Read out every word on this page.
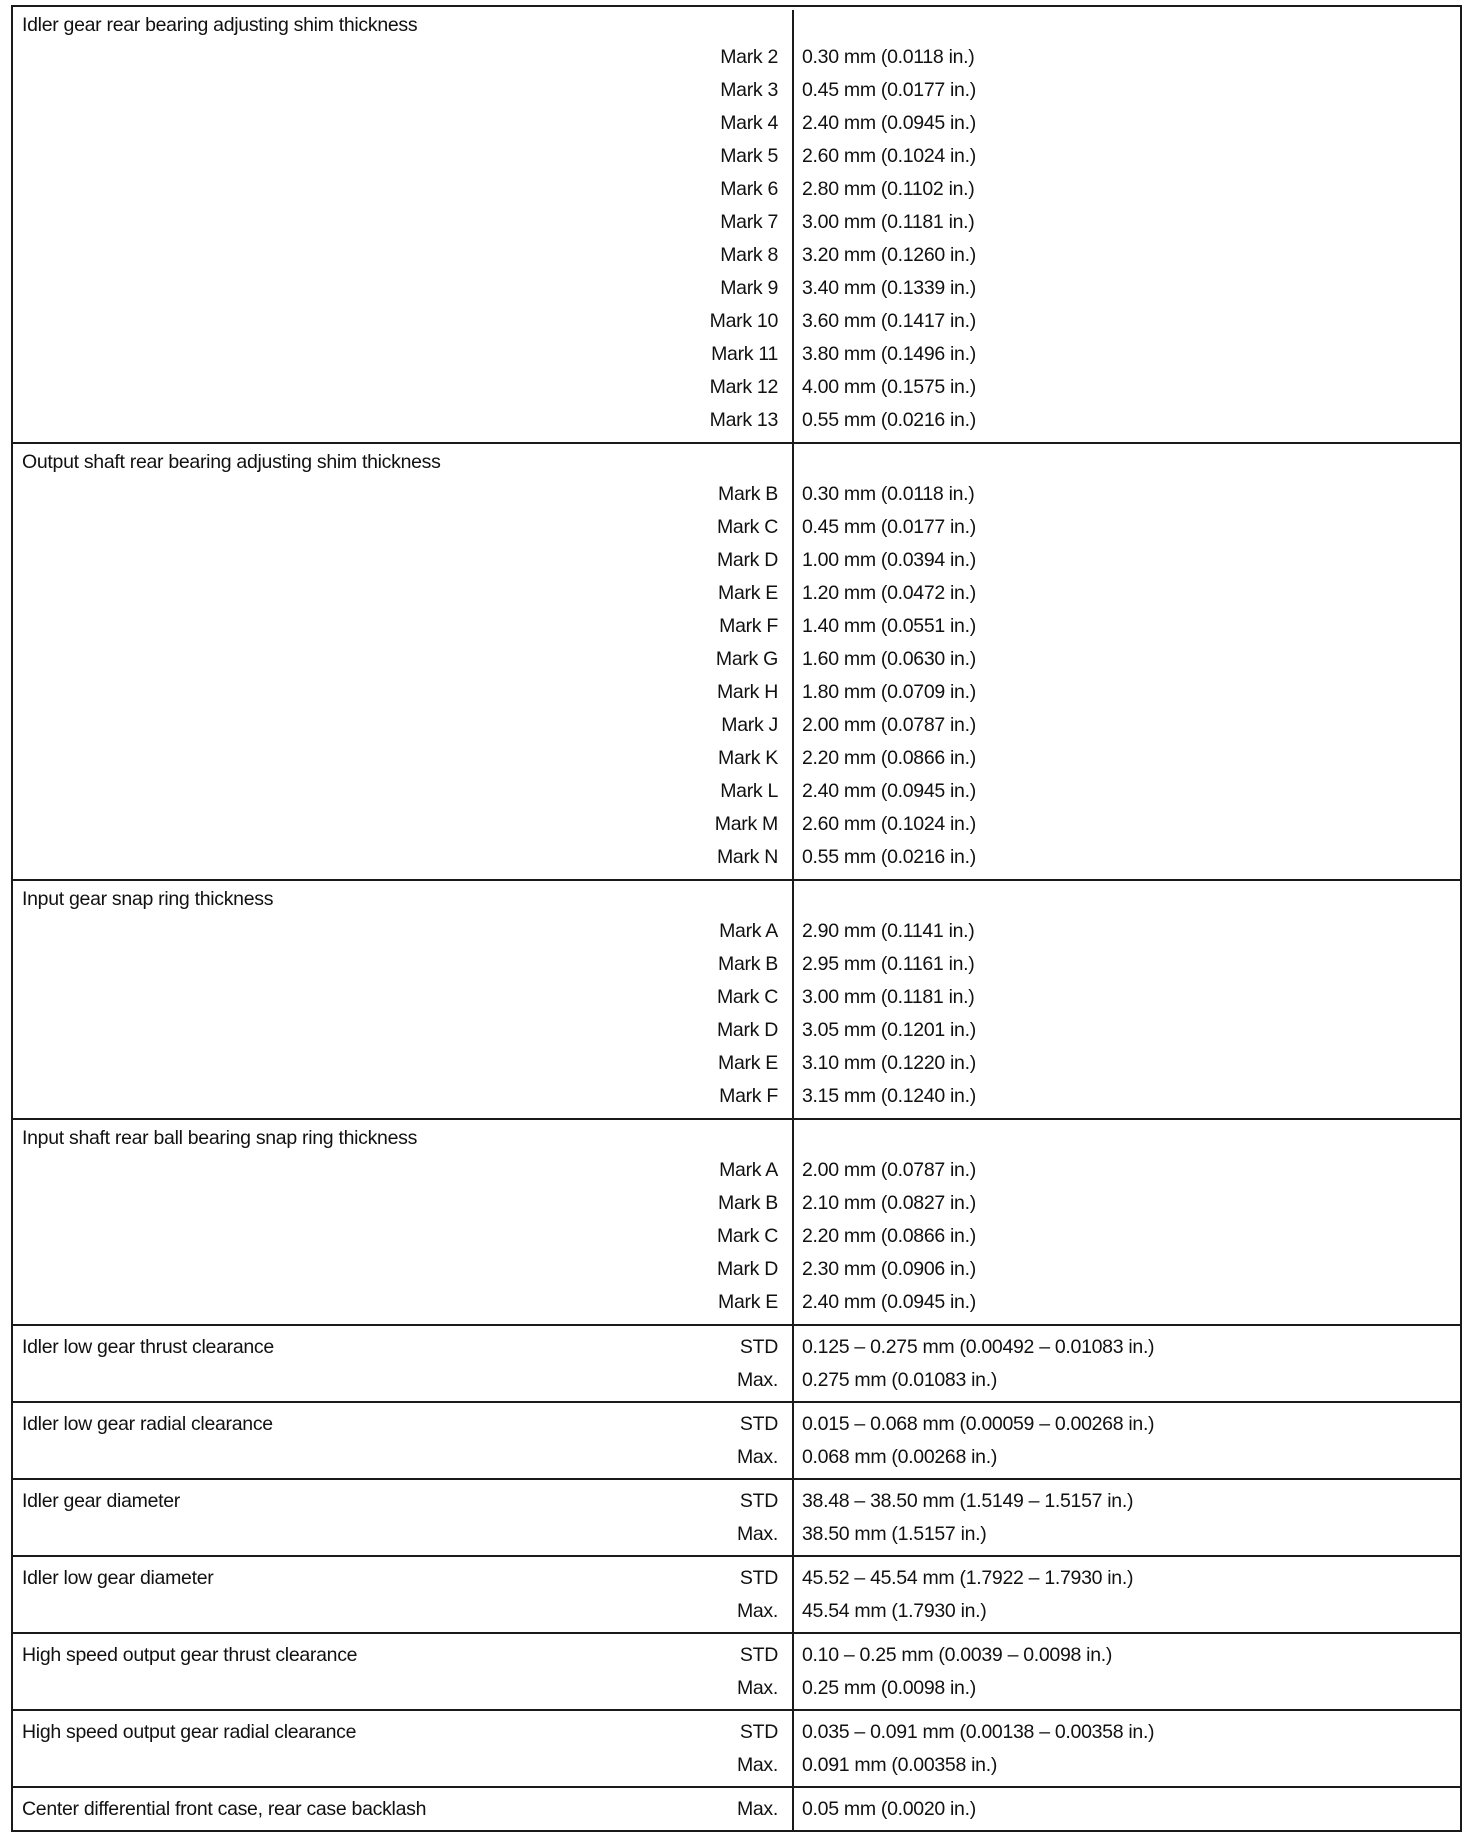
Idler gear rear bearing adjusting shim thickness
Mark 2	0.30 mm (0.0118 in.)
Mark 3	0.45 mm (0.0177 in.)
Mark 4	2.40 mm (0.0945 in.)
Mark 5	2.60 mm (0.1024 in.)
Mark 6	2.80 mm (0.1102 in.)
Mark 7	3.00 mm (0.1181 in.)
Mark 8	3.20 mm (0.1260 in.)
Mark 9	3.40 mm (0.1339 in.)
Mark 10	3.60 mm (0.1417 in.)
Mark 11	3.80 mm (0.1496 in.)
Mark 12	4.00 mm (0.1575 in.)
Mark 13	0.55 mm (0.0216 in.)
Output shaft rear bearing adjusting shim thickness
Mark B	0.30 mm (0.0118 in.)
Mark C	0.45 mm (0.0177 in.)
Mark D	1.00 mm (0.0394 in.)
Mark E	1.20 mm (0.0472 in.)
Mark F	1.40 mm (0.0551 in.)
Mark G	1.60 mm (0.0630 in.)
Mark H	1.80 mm (0.0709 in.)
Mark J	2.00 mm (0.0787 in.)
Mark K	2.20 mm (0.0866 in.)
Mark L	2.40 mm (0.0945 in.)
Mark M	2.60 mm (0.1024 in.)
Mark N	0.55 mm (0.0216 in.)
Input gear snap ring thickness
Mark A	2.90 mm (0.1141 in.)
Mark B	2.95 mm (0.1161 in.)
Mark C	3.00 mm (0.1181 in.)
Mark D	3.05 mm (0.1201 in.)
Mark E	3.10 mm (0.1220 in.)
Mark F	3.15 mm (0.1240 in.)
Input shaft rear ball bearing snap ring thickness
Mark A	2.00 mm (0.0787 in.)
Mark B	2.10 mm (0.0827 in.)
Mark C	2.20 mm (0.0866 in.)
Mark D	2.30 mm (0.0906 in.)
Mark E	2.40 mm (0.0945 in.)
Idler low gear thrust clearance	STD	0.125 – 0.275 mm (0.00492 – 0.01083 in.)
Max.	0.275 mm (0.01083 in.)
Idler low gear radial clearance	STD	0.015 – 0.068 mm (0.00059 – 0.00268 in.)
Max.	0.068 mm (0.00268 in.)
Idler gear diameter	STD	38.48 – 38.50 mm (1.5149 – 1.5157 in.)
Max.	38.50 mm (1.5157 in.)
Idler low gear diameter	STD	45.52 – 45.54 mm (1.7922 – 1.7930 in.)
Max.	45.54 mm (1.7930 in.)
High speed output gear thrust clearance	STD	0.10 – 0.25 mm (0.0039 – 0.0098 in.)
Max.	0.25 mm (0.0098 in.)
High speed output gear radial clearance	STD	0.035 – 0.091 mm (0.00138 – 0.00358 in.)
Max.	0.091 mm (0.00358 in.)
Center differential front case, rear case backlash	Max.	0.05 mm (0.0020 in.)
